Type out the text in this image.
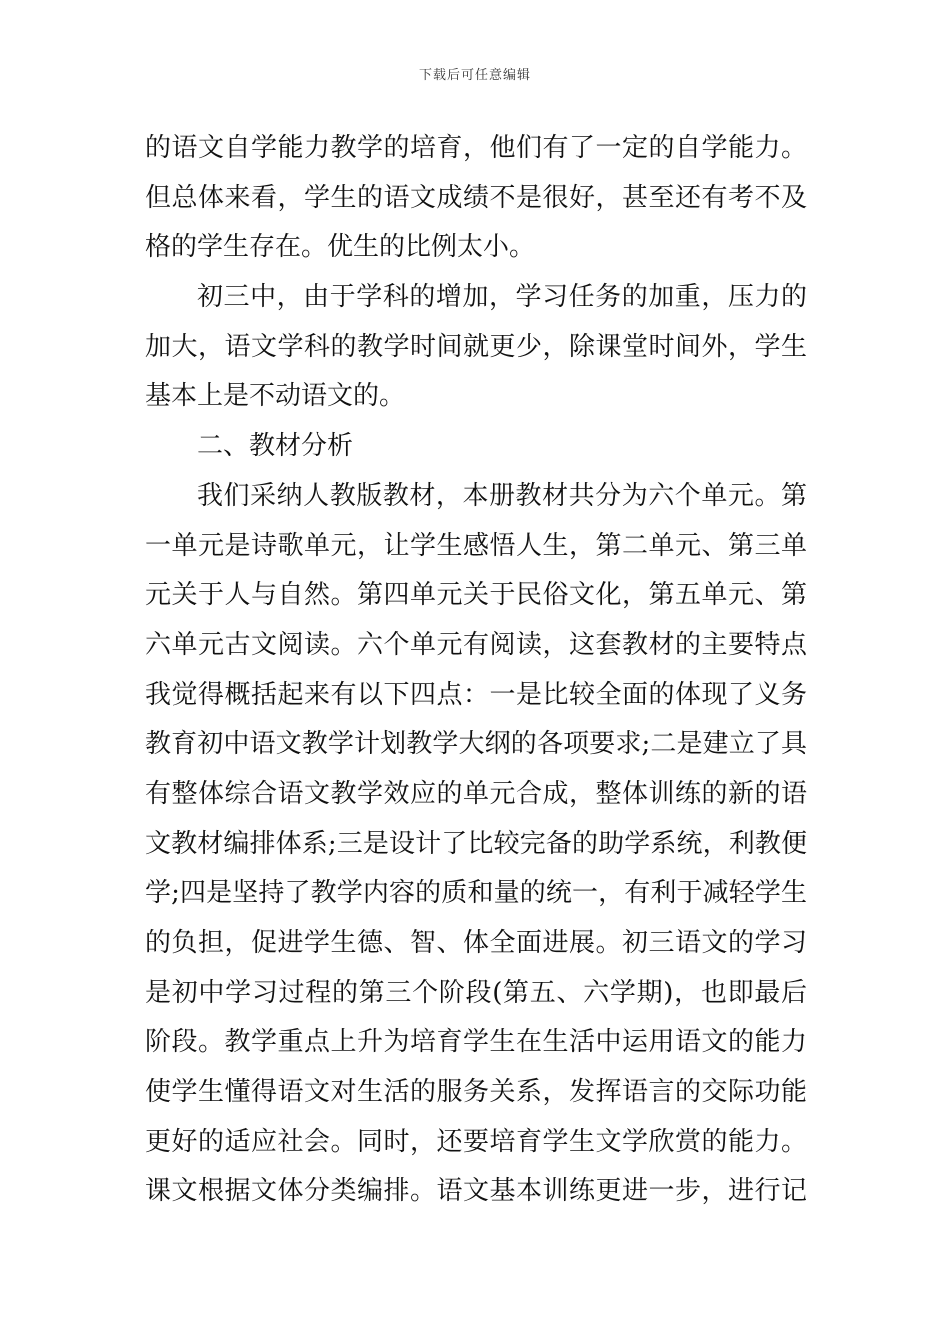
下载后可任意编辑
的语文自学能力教学的培育，他们有了一定的自学能力。
但总体来看，学生的语文成绩不是很好，甚至还有考不及
格的学生存在。优生的比例太小。
初三中，由于学科的增加，学习任务的加重，压力的
加大，语文学科的教学时间就更少，除课堂时间外，学生
基本上是不动语文的。
二、教材分析
我们采纳人教版教材，本册教材共分为六个单元。第
一单元是诗歌单元，让学生感悟人生，第二单元、第三单
元关于人与自然。第四单元关于民俗文化，第五单元、第
六单元古文阅读。六个单元有阅读，这套教材的主要特点
我觉得概括起来有以下四点：一是比较全面的体现了义务
教育初中语文教学计划教学大纲的各项要求;二是建立了具
有整体综合语文教学效应的单元合成，整体训练的新的语
文教材编排体系;三是设计了比较完备的助学系统，利教便
学;四是坚持了教学内容的质和量的统一，有利于减轻学生
的负担，促进学生德、智、体全面进展。初三语文的学习
是初中学习过程的第三个阶段(第五、六学期)，也即最后
阶段。教学重点上升为培育学生在生活中运用语文的能力
使学生懂得语文对生活的服务关系，发挥语言的交际功能
更好的适应社会。同时，还要培育学生文学欣赏的能力。
课文根据文体分类编排。语文基本训练更进一步，进行记
